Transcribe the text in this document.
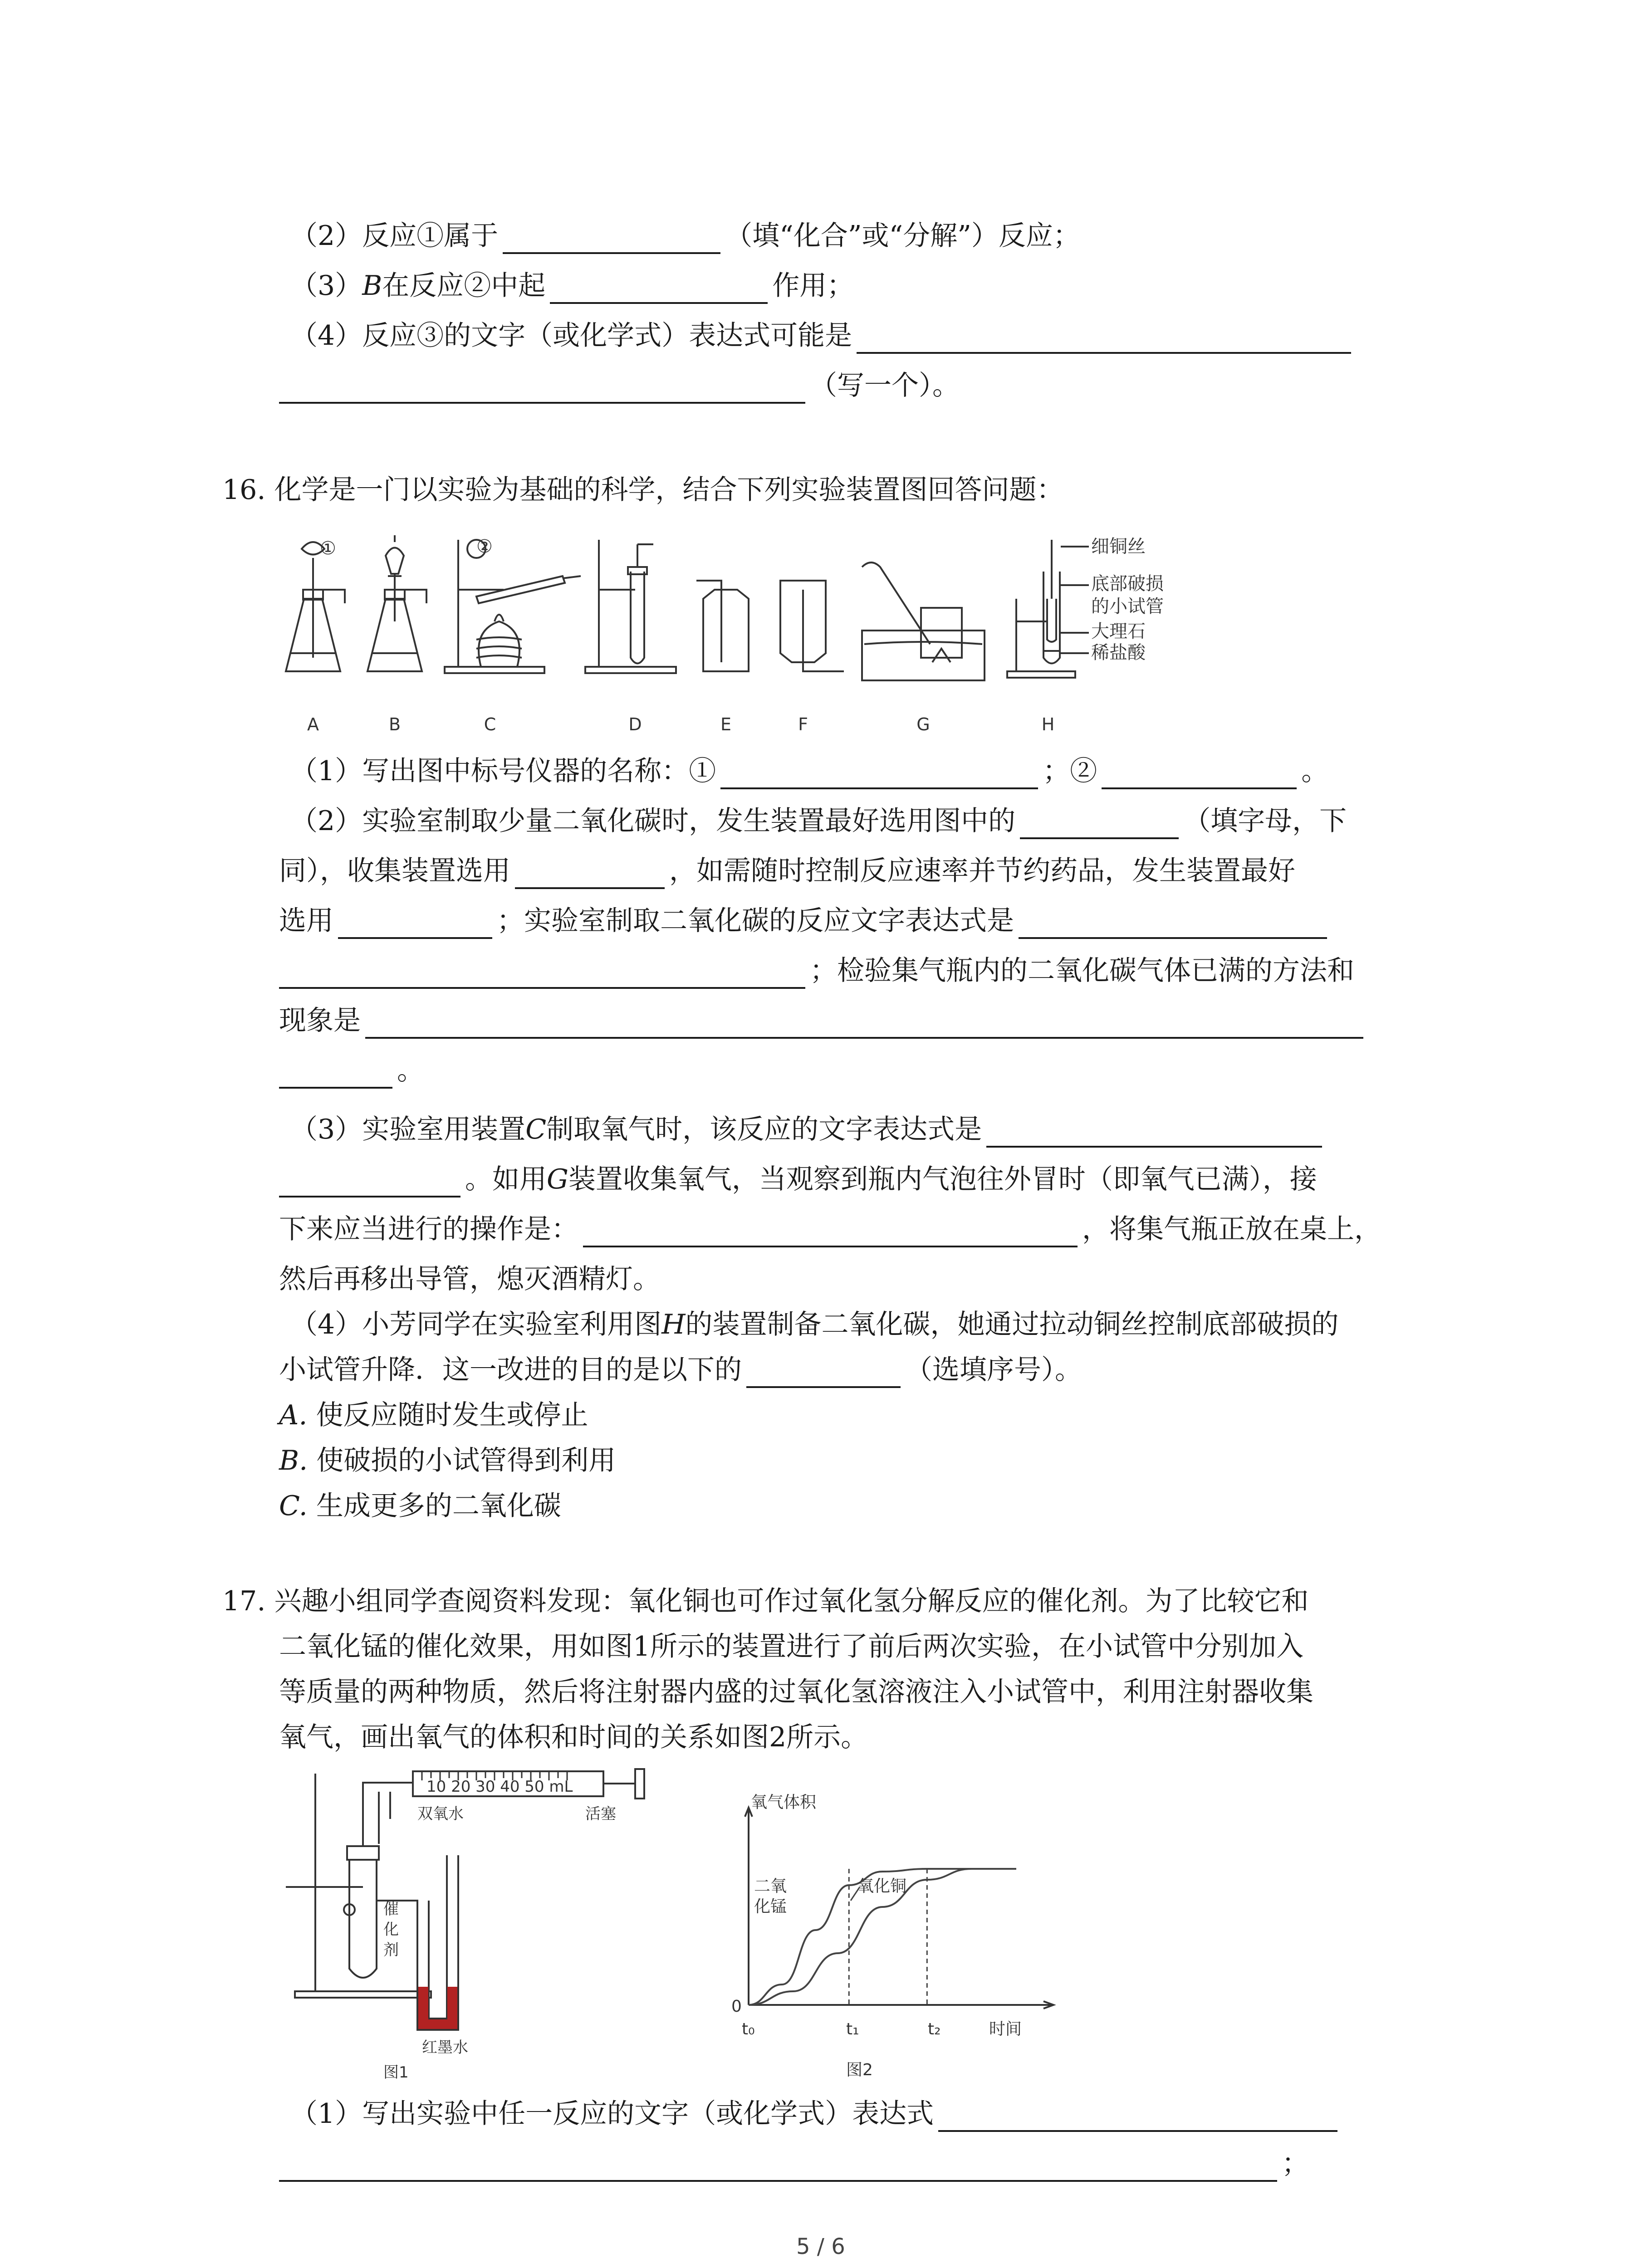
（2）反应①属于	（填“化合”或“分解”）反应；
（3）B在反应②中起	作用；
（4）反应③的文字（或化学式）表达式可能是
（写一个）。
16. 化学是一门以实验为基础的科学，结合下列实验装置图回答问题：
①	②	细铜丝
底部破损
的小试管
大理石
稀盐酸
A	B	C	D	E	F	G	H
（1）写出图中标号仪器的名称：①	；②	。
（2）实验室制取少量二氧化碳时，发生装置最好选用图中的	（填字母，下
同），收集装置选用	，如需随时控制反应速率并节约药品，发生装置最好
选用	；实验室制取二氧化碳的反应文字表达式是
；检验集气瓶内的二氧化碳气体已满的方法和
现象是
。
（3）实验室用装置C制取氧气时，该反应的文字表达式是
。如用G装置收集氧气，当观察到瓶内气泡往外冒时（即氧气已满），接
下来应当进行的操作是：	，将集气瓶正放在桌上，
然后再移出导管，熄灭酒精灯。
（4）小芳同学在实验室利用图H的装置制备二氧化碳，她通过拉动铜丝控制底部破损的
小试管升降．这一改进的目的是以下的	（选填序号）。
A. 使反应随时发生或停止
B. 使破损的小试管得到利用
C. 生成更多的二氧化碳
17. 兴趣小组同学查阅资料发现：氧化铜也可作过氧化氢分解反应的催化剂。为了比较它和
二氧化锰的催化效果，用如图1所示的装置进行了前后两次实验，在小试管中分别加入
等质量的两种物质，然后将注射器内盛的过氧化氢溶液注入小试管中，利用注射器收集
氧气，画出氧气的体积和时间的关系如图2所示。
10 20 30 40 50 mL
双氧水	活塞
催
化
剂
红墨水
图1
氧气体积
时间
0
t₀	t₁	t₂
二氧
化锰
氧化铜
图2
（1）写出实验中任一反应的文字（或化学式）表达式
；
5 / 6
